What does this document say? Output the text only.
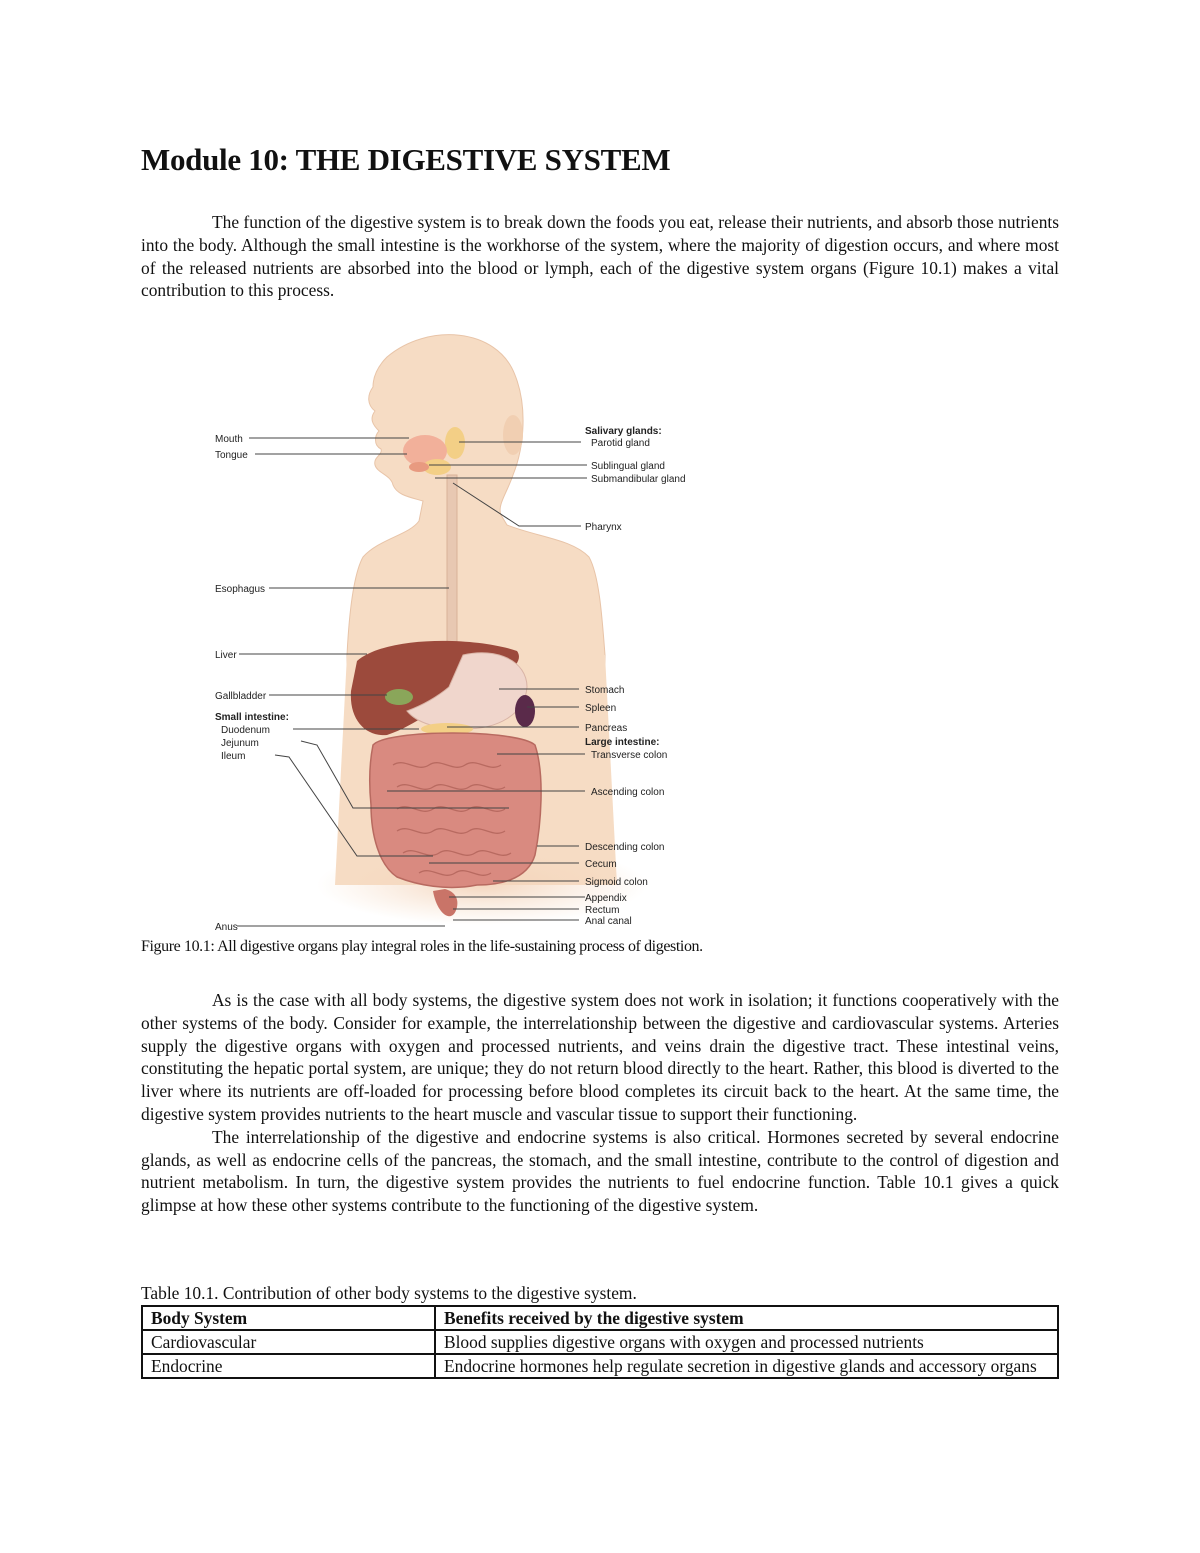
Module 10: THE DIGESTIVE SYSTEM

The function of the digestive system is to break down the foods you eat, release their nutrients, and absorb those nutrients into the body. Although the small intestine is the workhorse of the system, where the majority of digestion occurs, and where most of the released nutrients are absorbed into the blood or lymph, each of the digestive system organs (Figure 10.1) makes a vital contribution to this process.

Mouth
Tongue
Esophagus
Liver
Gallbladder
Small intestine:
Duodenum
Jejunum
Ileum
Anus
Salivary glands:
Parotid gland
Sublingual gland
Submandibular gland
Pharynx
Stomach
Spleen
Pancreas
Large intestine:
Transverse colon
Ascending colon
Descending colon
Cecum
Sigmoid colon
Appendix
Rectum
Anal canal
Figure 10.1: All digestive organs play integral roles in the life-sustaining process of digestion.

As is the case with all body systems, the digestive system does not work in isolation; it functions cooperatively with the other systems of the body. Consider for example, the interrelationship between the digestive and cardiovascular systems. Arteries supply the digestive organs with oxygen and processed nutrients, and veins drain the digestive tract. These intestinal veins, constituting the hepatic portal system, are unique; they do not return blood directly to the heart. Rather, this blood is diverted to the liver where its nutrients are off-loaded for processing before blood completes its circuit back to the heart. At the same time, the digestive system provides nutrients to the heart muscle and vascular tissue to support their functioning.

The interrelationship of the digestive and endocrine systems is also critical. Hormones secreted by several endocrine glands, as well as endocrine cells of the pancreas, the stomach, and the small intestine, contribute to the control of digestion and nutrient metabolism. In turn, the digestive system provides the nutrients to fuel endocrine function. Table 10.1 gives a quick glimpse at how these other systems contribute to the functioning of the digestive system.

Table 10.1. Contribution of other body systems to the digestive system.
Body System	Benefits received by the digestive system
Cardiovascular	Blood supplies digestive organs with oxygen and processed nutrients
Endocrine	Endocrine hormones help regulate secretion in digestive glands and accessory organs
